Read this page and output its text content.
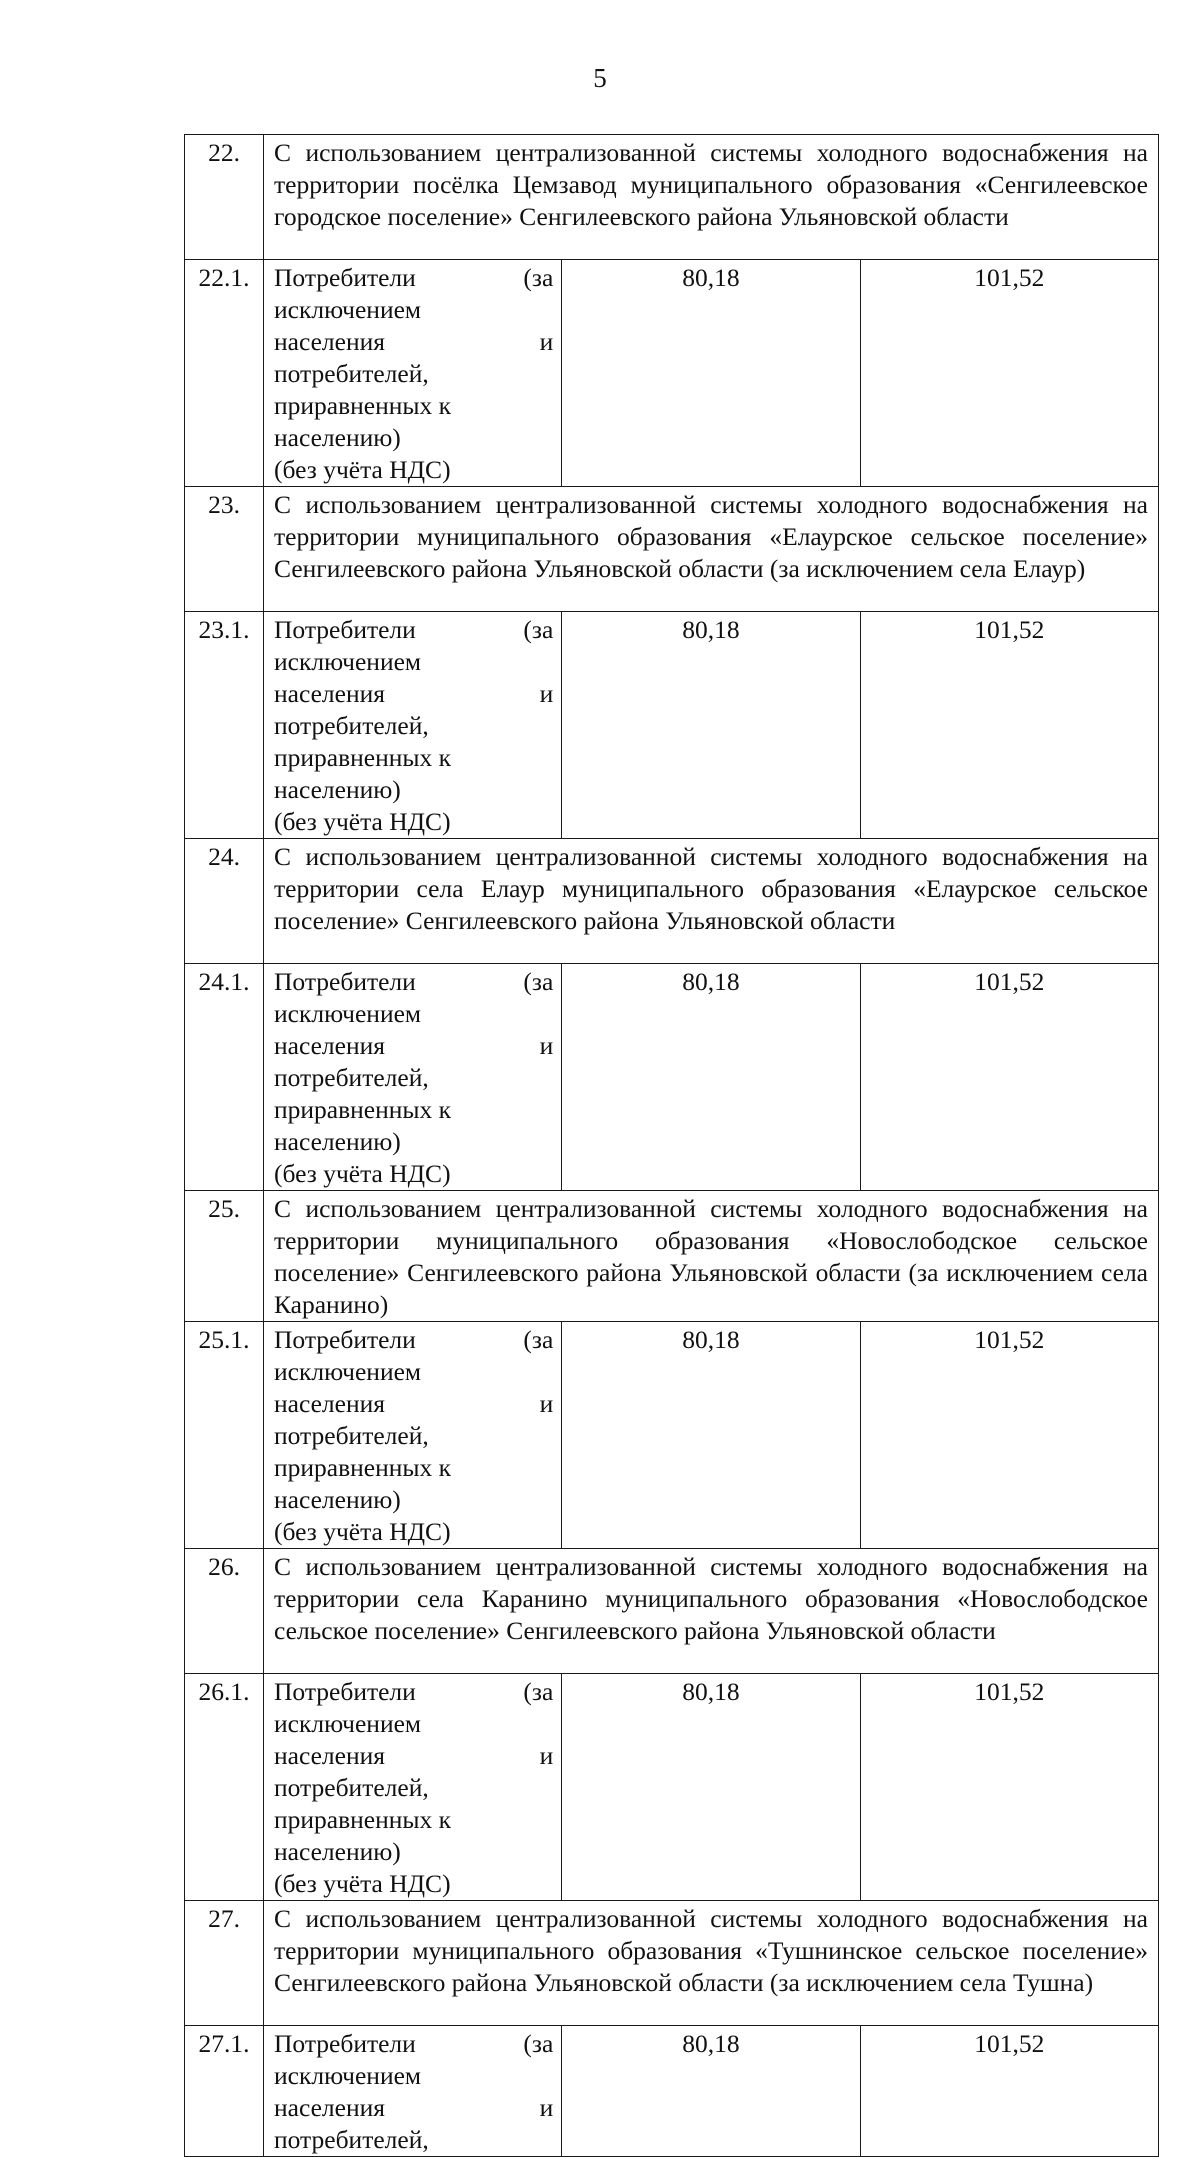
5
22.	С использованием централизованной системы холодного водоснабжения на территории посёлка Цемзавод муниципального образования «Сенгилеевское городское поселение» Сенгилеевского района Ульяновской области		
22.1.	Потребители (за исключением
населения и потребителей,
приравненных к населению)
(без учёта НДС)	80,18	101,52
23.	С использованием централизованной системы холодного водоснабжения на территории муниципального образования «Елаурское сельское поселение» Сенгилеевского района Ульяновской области (за исключением села Елаур)		
23.1.	Потребители (за исключением
населения и потребителей,
приравненных к населению)
(без учёта НДС)	80,18	101,52
24.	С использованием централизованной системы холодного водоснабжения на территории села Елаур муниципального образования «Елаурское сельское поселение» Сенгилеевского района Ульяновской области		
24.1.	Потребители (за исключением
населения и потребителей,
приравненных к населению)
(без учёта НДС)	80,18	101,52
25.	С использованием централизованной системы холодного водоснабжения на территории муниципального образования «Новослободское сельское поселение» Сенгилеевского района Ульяновской области (за исключением села Каранино)		
25.1.	Потребители (за исключением
населения и потребителей,
приравненных к населению)
(без учёта НДС)	80,18	101,52
26.	С использованием централизованной системы холодного водоснабжения на территории села Каранино муниципального образования «Новослободское сельское поселение» Сенгилеевского района Ульяновской области		
26.1.	Потребители (за исключением
населения и потребителей,
приравненных к населению)
(без учёта НДС)	80,18	101,52
27.	С использованием централизованной системы холодного водоснабжения на территории муниципального образования «Тушнинское сельское поселение» Сенгилеевского района Ульяновской области (за исключением села Тушна)		
27.1.	Потребители (за исключением
населения и потребителей,	80,18	101,52
